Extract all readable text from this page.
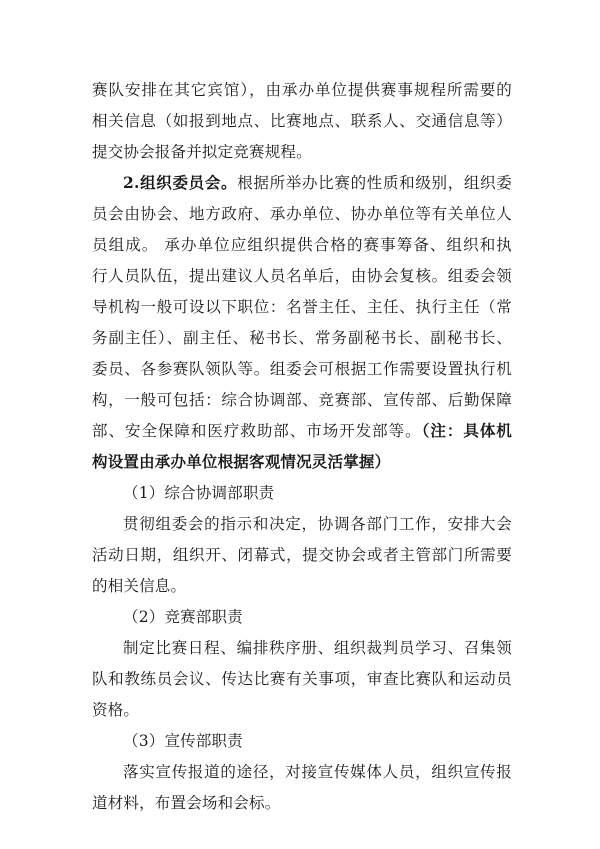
赛队安排在其它宾馆），由承办单位提供赛事规程所需要的
相关信息（如报到地点、比赛地点、联系人、交通信息等）
提交协会报备并拟定竞赛规程。
2.组织委员会。根据所举办比赛的性质和级别，组织委
员会由协会、地方政府、承办单位、协办单位等有关单位人
员组成。 承办单位应组织提供合格的赛事筹备、组织和执
行人员队伍，提出建议人员名单后，由协会复核。组委会领
导机构一般可设以下职位：名誉主任、主任、执行主任（常
务副主任）、副主任、秘书长、常务副秘书长、副秘书长、
委员、各参赛队领队等。组委会可根据工作需要设置执行机
构，一般可包括：综合协调部、竞赛部、宣传部、后勤保障
部、安全保障和医疗救助部、市场开发部等。（注：具体机
构设置由承办单位根据客观情况灵活掌握）
（1）综合协调部职责
贯彻组委会的指示和决定，协调各部门工作，安排大会
活动日期，组织开、闭幕式，提交协会或者主管部门所需要
的相关信息。
（2）竞赛部职责
制定比赛日程、编排秩序册、组织裁判员学习、召集领
队和教练员会议、传达比赛有关事项，审查比赛队和运动员
资格。
（3）宣传部职责
落实宣传报道的途径，对接宣传媒体人员，组织宣传报
道材料，布置会场和会标。
